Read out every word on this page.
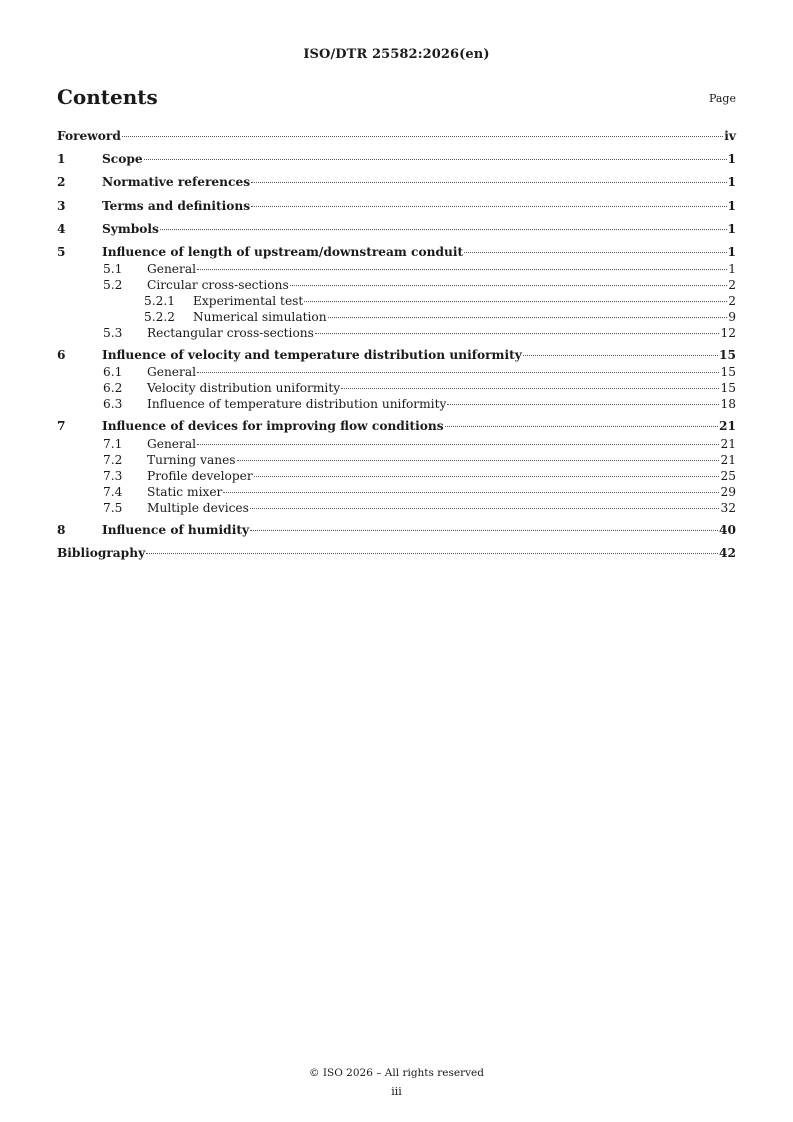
ISO/DTR 25582:2026(en)
Contents	Page
Foreword	iv
1	Scope	1
2	Normative references	1
3	Terms and definitions	1
4	Symbols	1
5	Influence of length of upstream/downstream conduit	1
5.1	General	1
5.2	Circular cross-sections	2
5.2.1	Experimental test	2
5.2.2	Numerical simulation	9
5.3	Rectangular cross-sections	12
6	Influence of velocity and temperature distribution uniformity	15
6.1	General	15
6.2	Velocity distribution uniformity	15
6.3	Influence of temperature distribution uniformity	18
7	Influence of devices for improving flow conditions	21
7.1	General	21
7.2	Turning vanes	21
7.3	Profile developer	25
7.4	Static mixer	29
7.5	Multiple devices	32
8	Influence of humidity	40
Bibliography	42
© ISO 2026 – All rights reserved
iii
